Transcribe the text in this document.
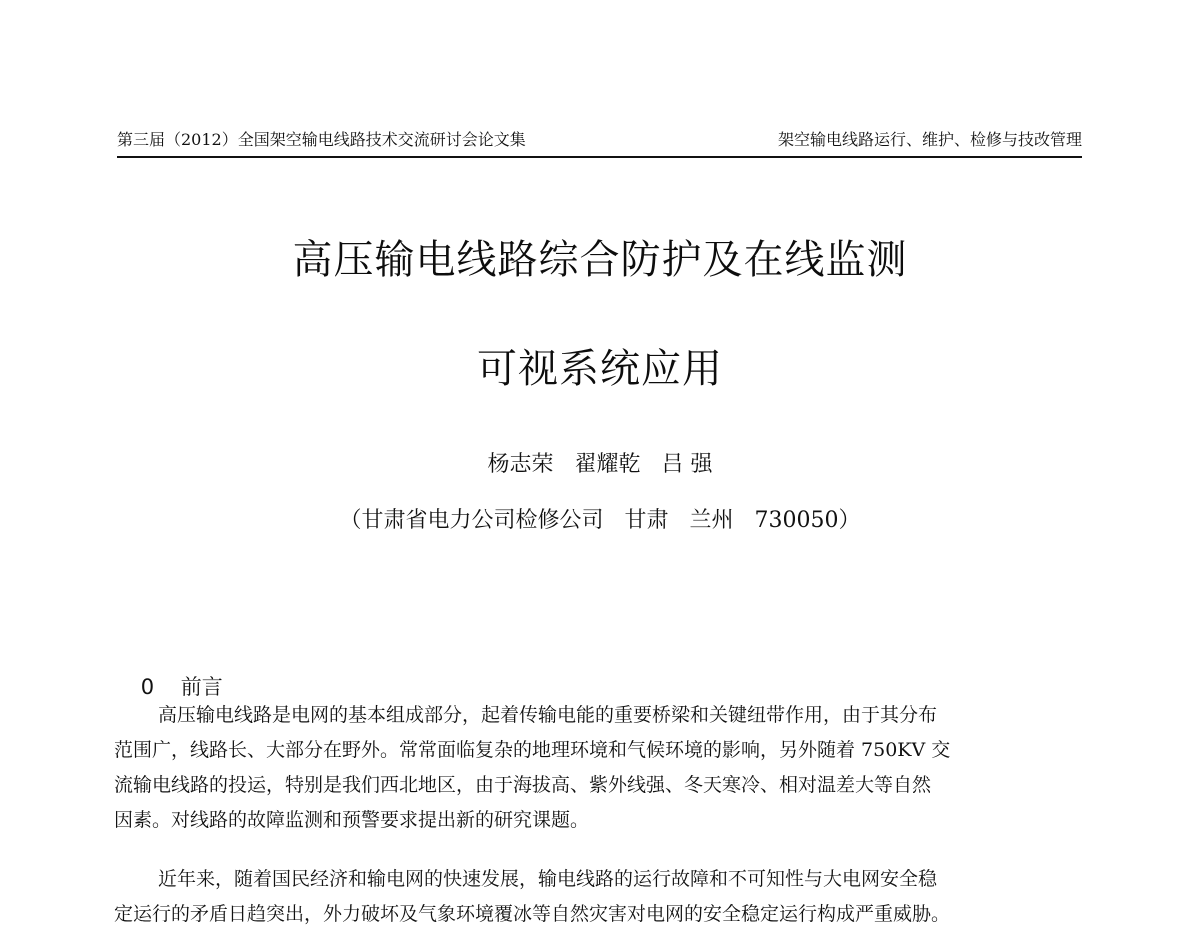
第三届（2012）全国架空输电线路技术交流研讨会论文集	架空输电线路运行、维护、检修与技改管理
高压输电线路综合防护及在线监测
可视系统应用
杨志荣   翟耀乾   吕 强
（甘肃省电力公司检修公司   甘肃   兰州   730050）

0 前言

高压输电线路是电网的基本组成部分，起着传输电能的重要桥梁和关键纽带作用，由于其分布
范围广，线路长、大部分在野外。常常面临复杂的地理环境和气候环境的影响，另外随着 750KV 交
流输电线路的投运，特别是我们西北地区，由于海拔高、紫外线强、冬天寒冷、相对温差大等自然
因素。对线路的故障监测和预警要求提出新的研究课题。
近年来，随着国民经济和输电网的快速发展，输电线路的运行故障和不可知性与大电网安全稳
定运行的矛盾日趋突出，外力破坏及气象环境覆冰等自然灾害对电网的安全稳定运行构成严重威胁。
